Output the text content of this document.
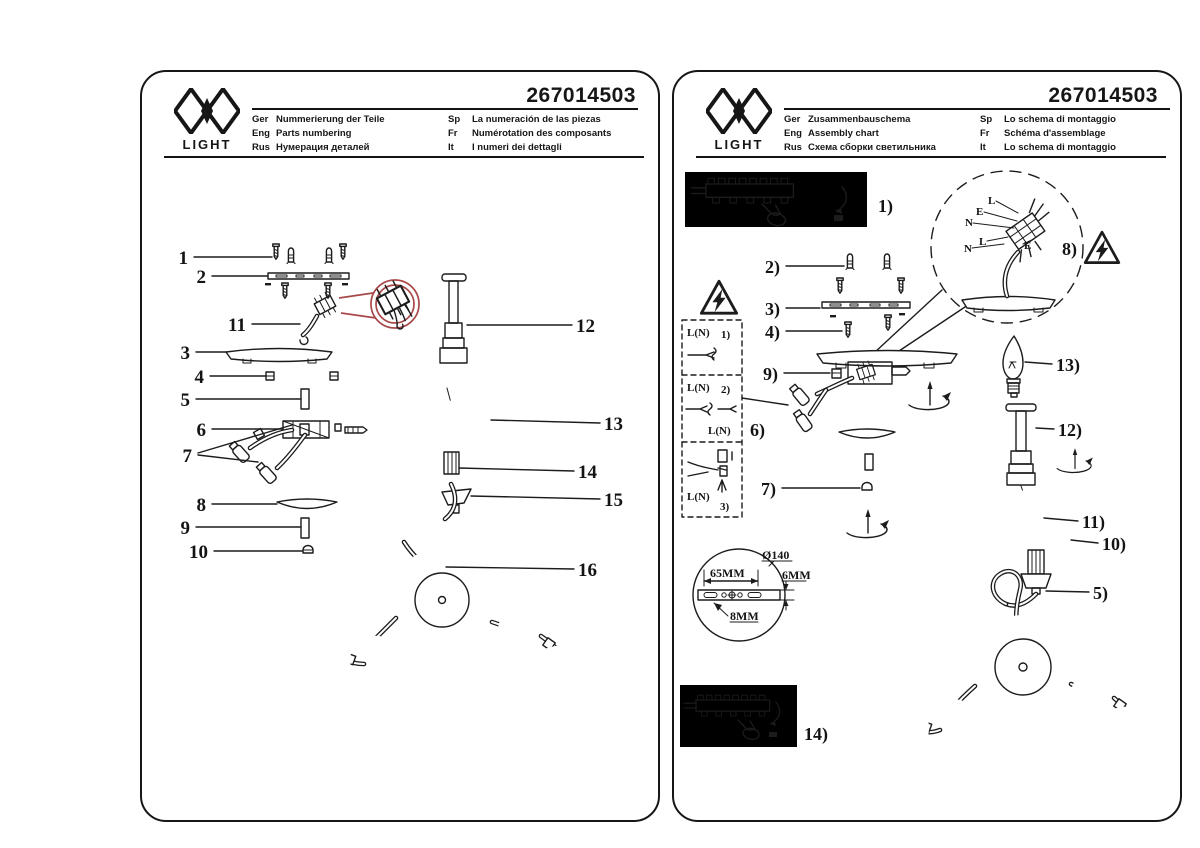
LIGHT
267014503
Ger Nummerierung der Teile
Eng Parts numbering
Rus Нумерация деталей
Sp	La numeración de las piezas
Fr	Numérotation des composants
It	I numeri dei dettagli
1
2
11
3
4
5
6
7
8
9
10
12
13
14
15
16
LIGHT
267014503
Ger Zusammenbauschema
Eng Assembly chart
Rus Схема сборки светильника
Sp	Lo schema di montaggio
Fr	Schéma d'assemblage
It	Lo schema di montaggio
1)
L(N) 1)
L(N) 2)
L(N)
L(N)
3)
2)
3)
4)
9)
6)
7)
65MM
Ø140
6MM
8MM
14)
L
E
N
L
N	E 8)
13)
12)
11)
10)
5)
